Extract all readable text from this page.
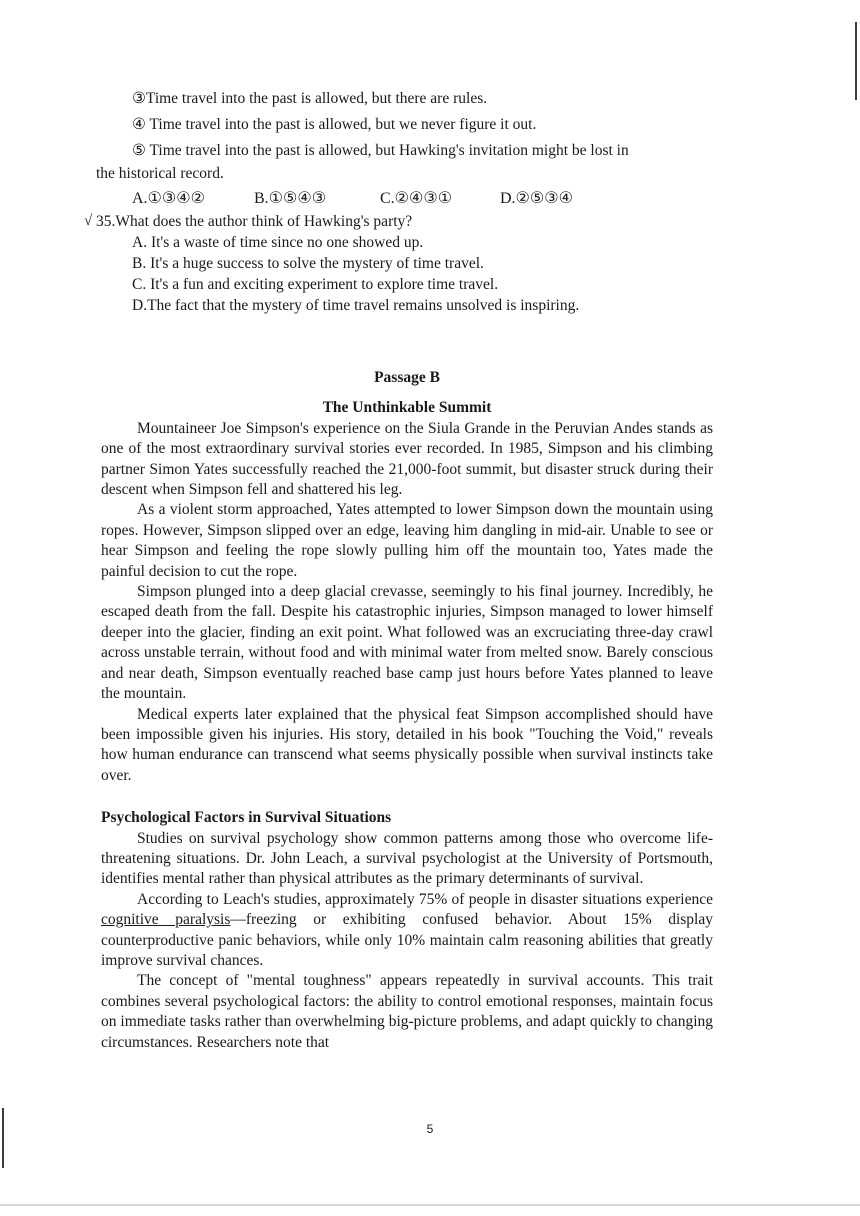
③Time travel into the past is allowed, but there are rules.

④ Time travel into the past is allowed, but we never figure it out.

⑤ Time travel into the past is allowed, but Hawking's invitation might be lost in

the historical record.

A.①③④②	B.①⑤④③	C.②④③①	D.②⑤③④
√ 35.What does the author think of Hawking's party?

A. It's a waste of time since no one showed up.

B. It's a huge success to solve the mystery of time travel.

C. It's a fun and exciting experiment to explore time travel.

D.The fact that the mystery of time travel remains unsolved is inspiring.

Passage B

The Unthinkable Summit

Mountaineer Joe Simpson's experience on the Siula Grande in the Peruvian Andes stands as one of the most extraordinary survival stories ever recorded. In 1985, Simpson and his climbing partner Simon Yates successfully reached the 21,000-foot summit, but disaster struck during their descent when Simpson fell and shattered his leg.

As a violent storm approached, Yates attempted to lower Simpson down the mountain using ropes. However, Simpson slipped over an edge, leaving him dangling in mid-air. Unable to see or hear Simpson and feeling the rope slowly pulling him off the mountain too, Yates made the painful decision to cut the rope.

Simpson plunged into a deep glacial crevasse, seemingly to his final journey. Incredibly, he escaped death from the fall. Despite his catastrophic injuries, Simpson managed to lower himself deeper into the glacier, finding an exit point. What followed was an excruciating three-day crawl across unstable terrain, without food and with minimal water from melted snow. Barely conscious and near death, Simpson eventually reached base camp just hours before Yates planned to leave the mountain.

Medical experts later explained that the physical feat Simpson accomplished should have been impossible given his injuries. His story, detailed in his book "Touching the Void," reveals how human endurance can transcend what seems physically possible when survival instincts take over.

Psychological Factors in Survival Situations

Studies on survival psychology show common patterns among those who overcome life-threatening situations. Dr. John Leach, a survival psychologist at the University of Portsmouth, identifies mental rather than physical attributes as the primary determinants of survival.

According to Leach's studies, approximately 75% of people in disaster situations experience cognitive paralysis—freezing or exhibiting confused behavior. About 15% display counterproductive panic behaviors, while only 10% maintain calm reasoning abilities that greatly improve survival chances.

The concept of "mental toughness" appears repeatedly in survival accounts. This trait combines several psychological factors: the ability to control emotional responses, maintain focus on immediate tasks rather than overwhelming big-picture problems, and adapt quickly to changing circumstances. Researchers note that

5
